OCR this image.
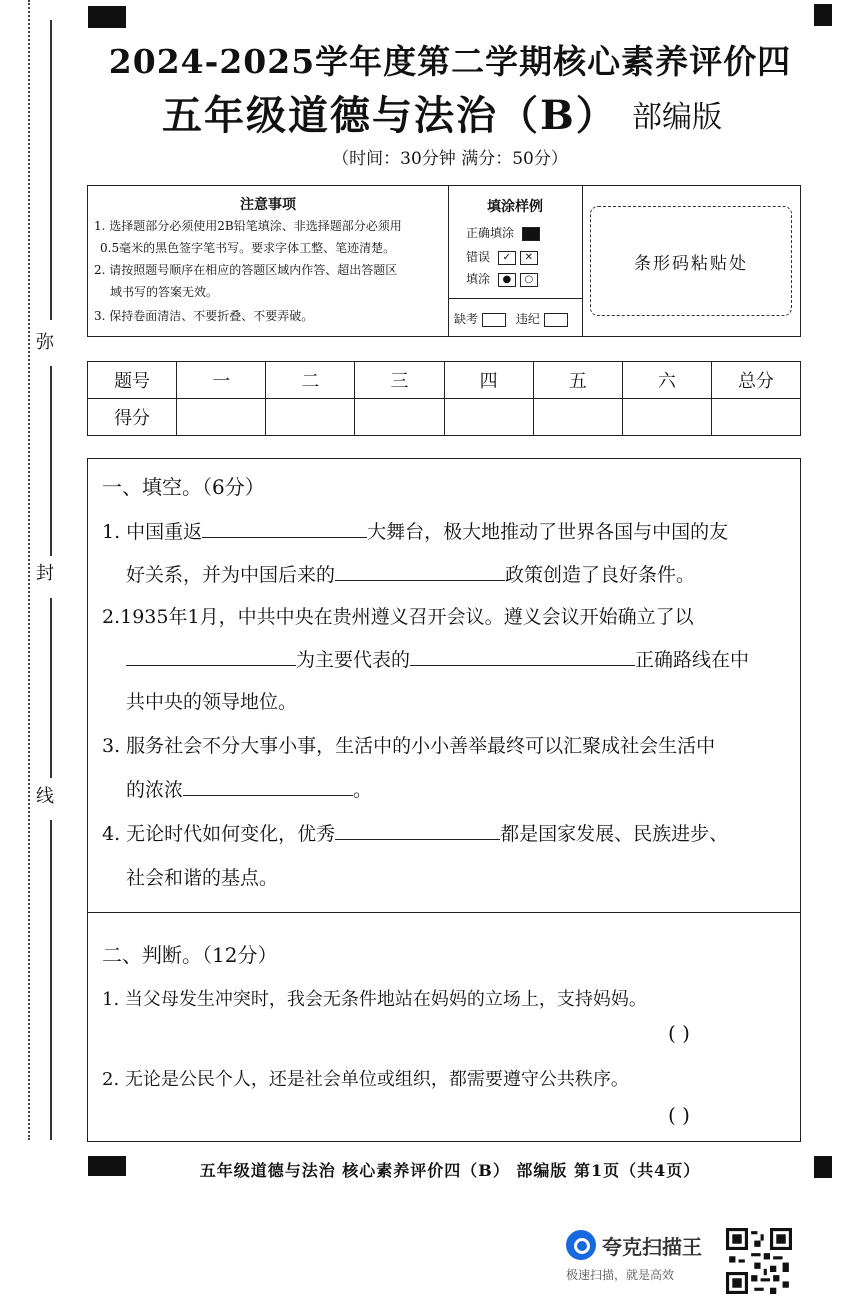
弥
封
线
2024-2025学年度第二学期核心素养评价四
五年级道德与法治（B） 部编版
（时间：30分钟 满分：50分）
注意事项
1. 选择题部分必须使用2B铅笔填涂、非选择题部分必须用
0.5毫米的黑色签字笔书写。要求字体工整、笔迹清楚。
2. 请按照题号顺序在相应的答题区域内作答、超出答题区
域书写的答案无效。
3. 保持卷面清洁、不要折叠、不要弄破。
填涂样例
正确填涂
错误 ✓ ✕
填涂 ● ○
缺考	违纪
条形码粘贴处
题号	一	二	三	四	五	六	总分
得分							
一、填空。（6分）
1. 中国重返	大舞台，极大地推动了世界各国与中国的友
好关系，并为中国后来的	政策创造了良好条件。
2.1935年1月，中共中央在贵州遵义召开会议。遵义会议开始确立了以
为主要代表的	正确路线在中
共中央的领导地位。
3. 服务社会不分大事小事，生活中的小小善举最终可以汇聚成社会生活中
的浓浓	。
4. 无论时代如何变化，优秀	都是国家发展、民族进步、
社会和谐的基点。
二、判断。（12分）
1. 当父母发生冲突时，我会无条件地站在妈妈的立场上，支持妈妈。
( )
2. 无论是公民个人，还是社会单位或组织，都需要遵守公共秩序。
( )
五年级道德与法治 核心素养评价四（B） 部编版 第1页（共4页）
夸克扫描王
极速扫描，就是高效
